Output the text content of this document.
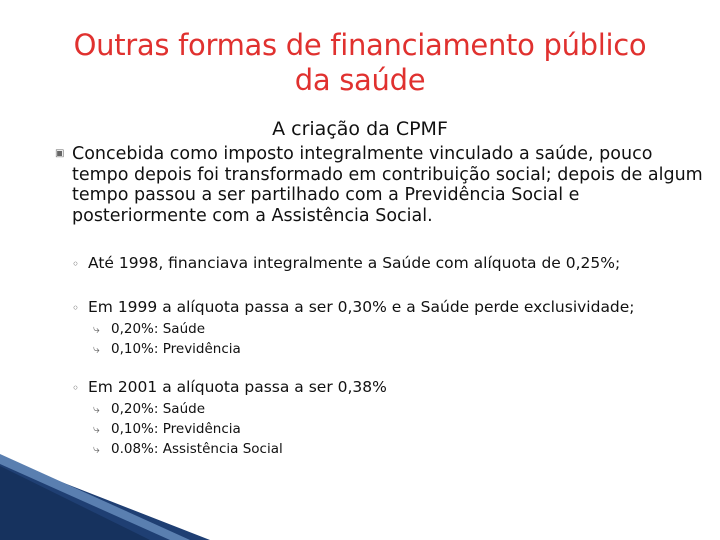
Outras formas de financiamento público
da saúde
A criação da CPMF
▣ Concebida como imposto integralmente vinculado a saúde, pouco tempo depois foi transformado em contribuição social; depois de algum tempo passou a ser partilhado com a Previdência Social e posteriormente com a Assistência Social.
◦ Até 1998, financiava integralmente a Saúde com alíquota de 0,25%;
◦ Em 1999 a alíquota passa a ser 0,30% e a Saúde perde exclusividade;
⤷ 0,20%: Saúde
⤷ 0,10%: Previdência
◦ Em 2001 a alíquota passa a ser 0,38%
⤷ 0,20%: Saúde
⤷ 0,10%: Previdência
⤷ 0.08%: Assistência Social
